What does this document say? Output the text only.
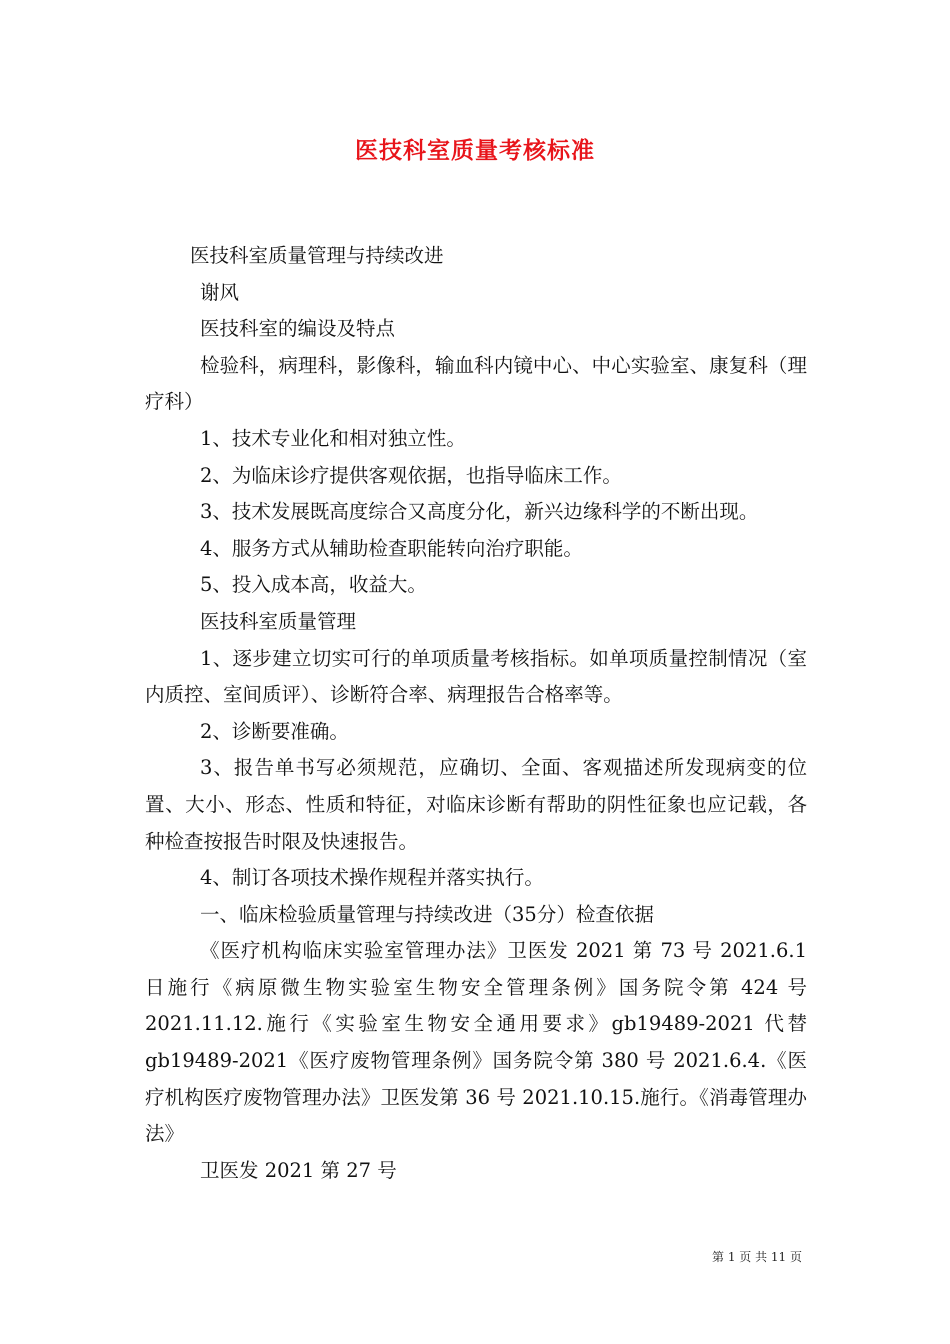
医技科室质量考核标准

医技科室质量管理与持续改进

谢风

医技科室的编设及特点

检验科，病理科，影像科，输血科内镜中心、中心实验室、康复科（理疗科）

1、技术专业化和相对独立性。

2、为临床诊疗提供客观依据，也指导临床工作。

3、技术发展既高度综合又高度分化，新兴边缘科学的不断出现。

4、服务方式从辅助检查职能转向治疗职能。

5、投入成本高，收益大。

医技科室质量管理

1、逐步建立切实可行的单项质量考核指标。如单项质量控制情况（室内质控、室间质评）、诊断符合率、病理报告合格率等。

2、诊断要准确。

3、报告单书写必须规范，应确切、全面、客观描述所发现病变的位置、大小、形态、性质和特征，对临床诊断有帮助的阴性征象也应记载，各种检查按报告时限及快速报告。

4、制订各项技术操作规程并落实执行。

一、临床检验质量管理与持续改进（35分）检查依据

《医疗机构临床实验室管理办法》卫医发 2021 第 73 号 2021.6.1 日施行《病原微生物实验室生物安全管理条例》国务院令第 424 号 2021.11.12.施行《实验室生物安全通用要求》gb19489-2021 代替 gb19489-2021《医疗废物管理条例》国务院令第 380 号 2021.6.4.《医疗机构医疗废物管理办法》卫医发第 36 号 2021.10.15.施行。《消毒管理办法》

卫医发 2021 第 27 号

第 1 页 共 11 页
